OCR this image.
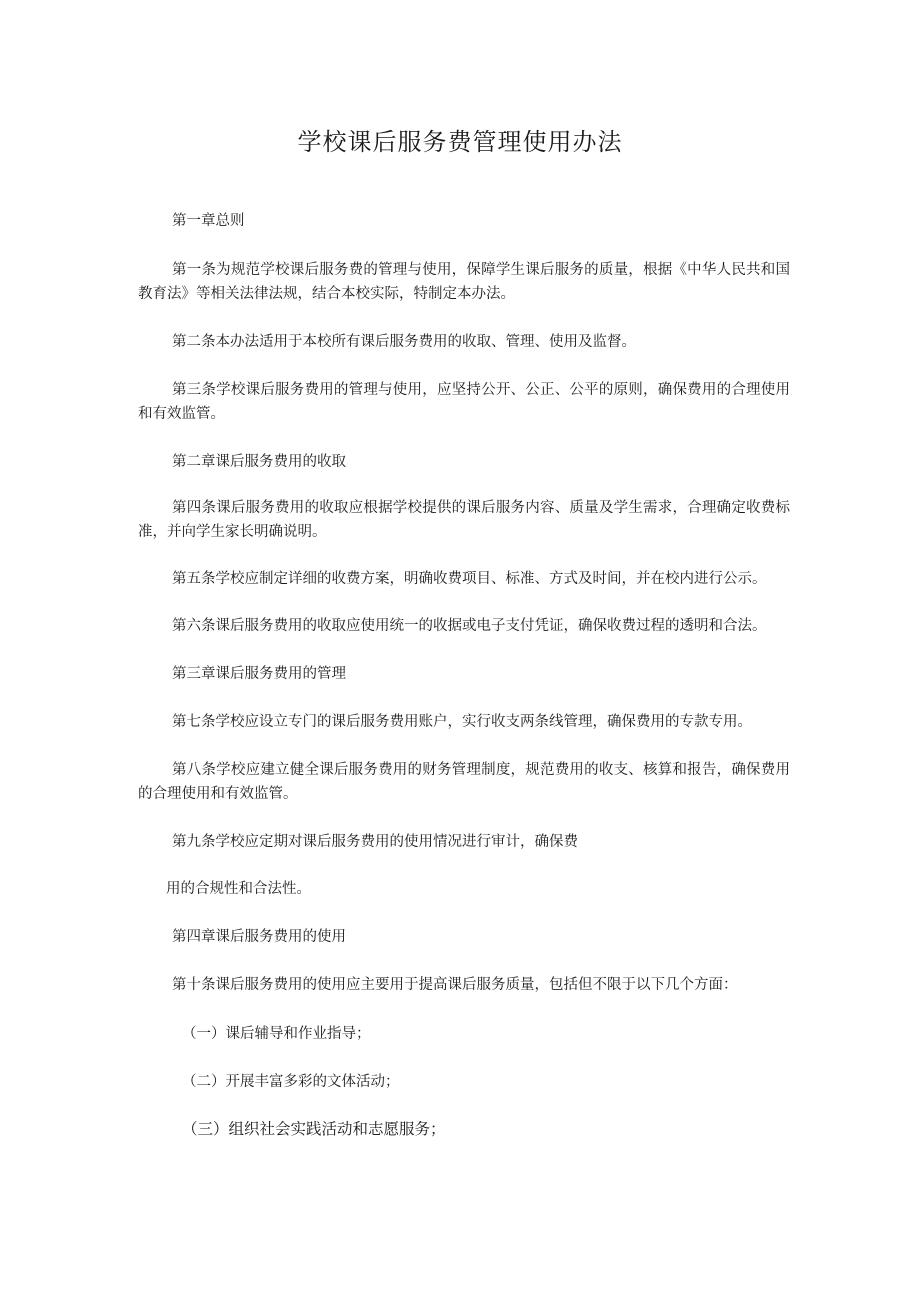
学校课后服务费管理使用办法

第一章总则

第一条为规范学校课后服务费的管理与使用，保障学生课后服务的质量，根据《中华人民共和国教育法》等相关法律法规，结合本校实际，特制定本办法。

第二条本办法适用于本校所有课后服务费用的收取、管理、使用及监督。

第三条学校课后服务费用的管理与使用，应坚持公开、公正、公平的原则，确保费用的合理使用和有效监管。

第二章课后服务费用的收取

第四条课后服务费用的收取应根据学校提供的课后服务内容、质量及学生需求，合理确定收费标准，并向学生家长明确说明。

第五条学校应制定详细的收费方案，明确收费项目、标准、方式及时间，并在校内进行公示。

第六条课后服务费用的收取应使用统一的收据或电子支付凭证，确保收费过程的透明和合法。

第三章课后服务费用的管理

第七条学校应设立专门的课后服务费用账户，实行收支两条线管理，确保费用的专款专用。

第八条学校应建立健全课后服务费用的财务管理制度，规范费用的收支、核算和报告，确保费用的合理使用和有效监管。

第九条学校应定期对课后服务费用的使用情况进行审计，确保费

用的合规性和合法性。

第四章课后服务费用的使用

第十条课后服务费用的使用应主要用于提高课后服务质量，包括但不限于以下几个方面：

（一）课后辅导和作业指导；

（二）开展丰富多彩的文体活动；

（三）组织社会实践活动和志愿服务；
